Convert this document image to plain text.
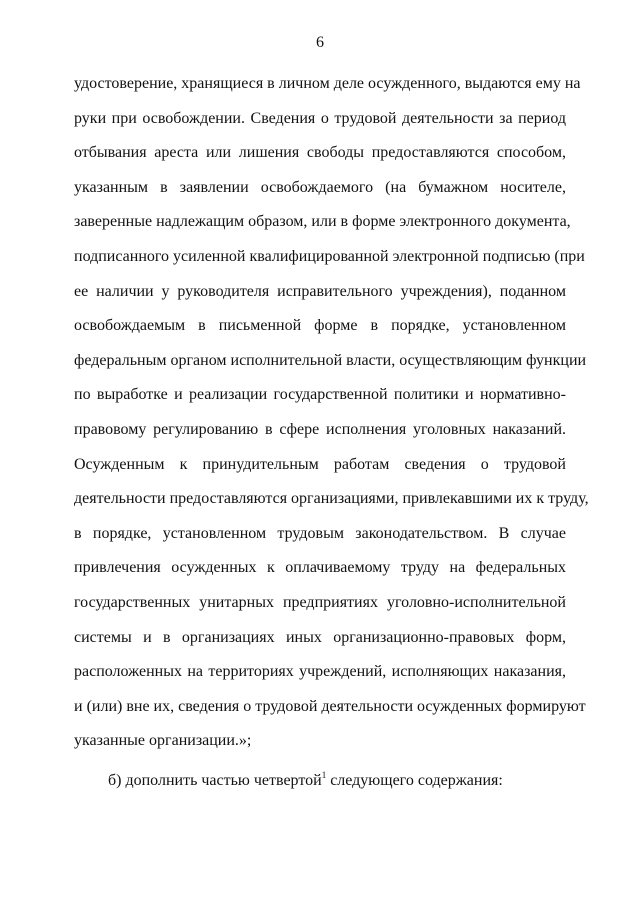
6
удостоверение, хранящиеся в личном деле осужденного, выдаются ему на
руки при освобождении. Сведения о трудовой деятельности за период
отбывания ареста или лишения свободы предоставляются способом,
указанным в заявлении освобождаемого (на бумажном носителе,
заверенные надлежащим образом, или в форме электронного документа,
подписанного усиленной квалифицированной электронной подписью (при
ее наличии у руководителя исправительного учреждения), поданном
освобождаемым в письменной форме в порядке, установленном
федеральным органом исполнительной власти, осуществляющим функции
по выработке и реализации государственной политики и нормативно-
правовому регулированию в сфере исполнения уголовных наказаний.
Осужденным к принудительным работам сведения о трудовой
деятельности предоставляются организациями, привлекавшими их к труду,
в порядке, установленном трудовым законодательством. В случае
привлечения осужденных к оплачиваемому труду на федеральных
государственных унитарных предприятиях уголовно-исполнительной
системы и в организациях иных организационно-правовых форм,
расположенных на территориях учреждений, исполняющих наказания,
и (или) вне их, сведения о трудовой деятельности осужденных формируют
указанные организации.»;
б) дополнить частью четвертой$^1$ следующего содержания:
